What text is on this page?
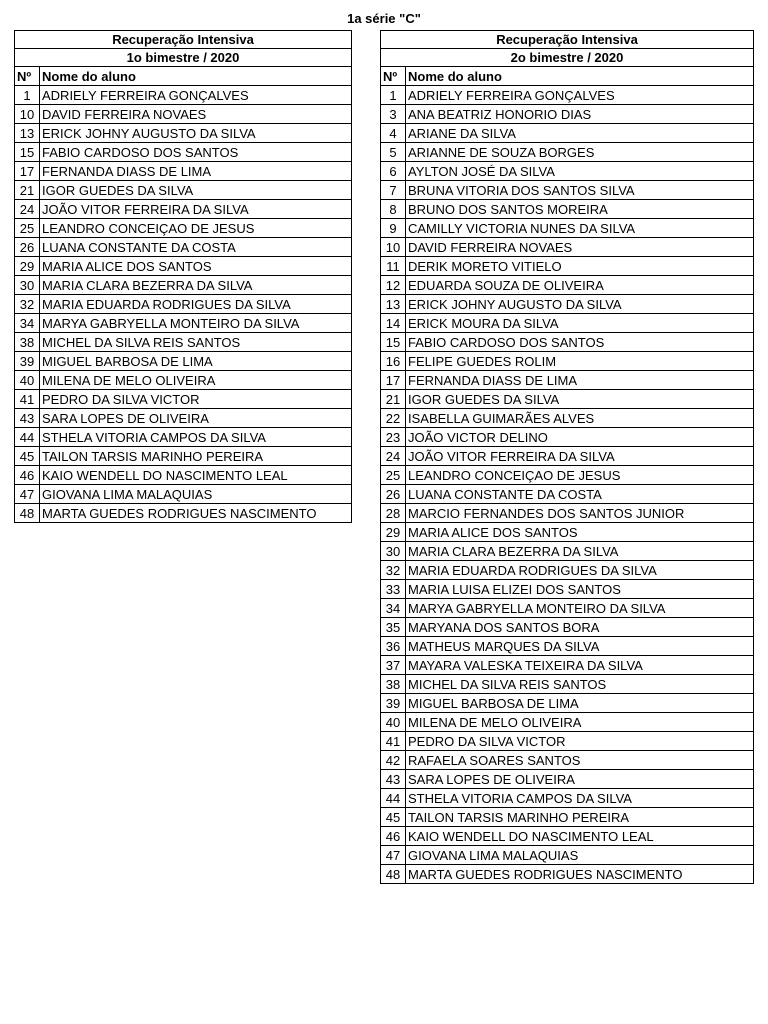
1a série "C"
Recuperação Intensiva	
1o bimestre / 2020	
Nº	Nome do aluno
1	ADRIELY FERREIRA GONÇALVES
10	DAVID FERREIRA NOVAES
13	ERICK JOHNY AUGUSTO DA SILVA
15	FABIO CARDOSO DOS SANTOS
17	FERNANDA DIASS DE LIMA
21	IGOR GUEDES DA SILVA
24	JOÃO VITOR FERREIRA DA SILVA
25	LEANDRO CONCEIÇAO DE JESUS
26	LUANA CONSTANTE DA COSTA
29	MARIA ALICE DOS SANTOS
30	MARIA CLARA BEZERRA DA SILVA
32	MARIA EDUARDA RODRIGUES DA SILVA
34	MARYA GABRYELLA MONTEIRO DA SILVA
38	MICHEL DA SILVA REIS SANTOS
39	MIGUEL BARBOSA DE LIMA
40	MILENA DE MELO OLIVEIRA
41	PEDRO DA SILVA VICTOR
43	SARA LOPES DE OLIVEIRA
44	STHELA VITORIA CAMPOS DA SILVA
45	TAILON TARSIS MARINHO PEREIRA
46	KAIO WENDELL DO NASCIMENTO LEAL
47	GIOVANA LIMA MALAQUIAS
48	MARTA GUEDES RODRIGUES NASCIMENTO
Recuperação Intensiva	
2o bimestre / 2020	
Nº	Nome do aluno
1	ADRIELY FERREIRA GONÇALVES
3	ANA BEATRIZ HONORIO DIAS
4	ARIANE DA SILVA
5	ARIANNE DE SOUZA BORGES
6	AYLTON JOSÉ DA SILVA
7	BRUNA VITORIA DOS SANTOS SILVA
8	BRUNO DOS SANTOS MOREIRA
9	CAMILLY VICTORIA NUNES DA SILVA
10	DAVID FERREIRA NOVAES
11	DERIK MORETO VITIELO
12	EDUARDA SOUZA DE OLIVEIRA
13	ERICK JOHNY AUGUSTO DA SILVA
14	ERICK MOURA DA SILVA
15	FABIO CARDOSO DOS SANTOS
16	FELIPE GUEDES ROLIM
17	FERNANDA DIASS DE LIMA
21	IGOR GUEDES DA SILVA
22	ISABELLA GUIMARÃES ALVES
23	JOÃO VICTOR DELINO
24	JOÃO VITOR FERREIRA DA SILVA
25	LEANDRO CONCEIÇAO DE JESUS
26	LUANA CONSTANTE DA COSTA
28	MARCIO FERNANDES DOS SANTOS JUNIOR
29	MARIA ALICE DOS SANTOS
30	MARIA CLARA BEZERRA DA SILVA
32	MARIA EDUARDA RODRIGUES DA SILVA
33	MARIA LUISA ELIZEI DOS SANTOS
34	MARYA GABRYELLA MONTEIRO DA SILVA
35	MARYANA DOS SANTOS BORA
36	MATHEUS MARQUES DA SILVA
37	MAYARA VALESKA TEIXEIRA DA SILVA
38	MICHEL DA SILVA REIS SANTOS
39	MIGUEL BARBOSA DE LIMA
40	MILENA DE MELO OLIVEIRA
41	PEDRO DA SILVA VICTOR
42	RAFAELA SOARES SANTOS
43	SARA LOPES DE OLIVEIRA
44	STHELA VITORIA CAMPOS DA SILVA
45	TAILON TARSIS MARINHO PEREIRA
46	KAIO WENDELL DO NASCIMENTO LEAL
47	GIOVANA LIMA MALAQUIAS
48	MARTA GUEDES RODRIGUES NASCIMENTO
